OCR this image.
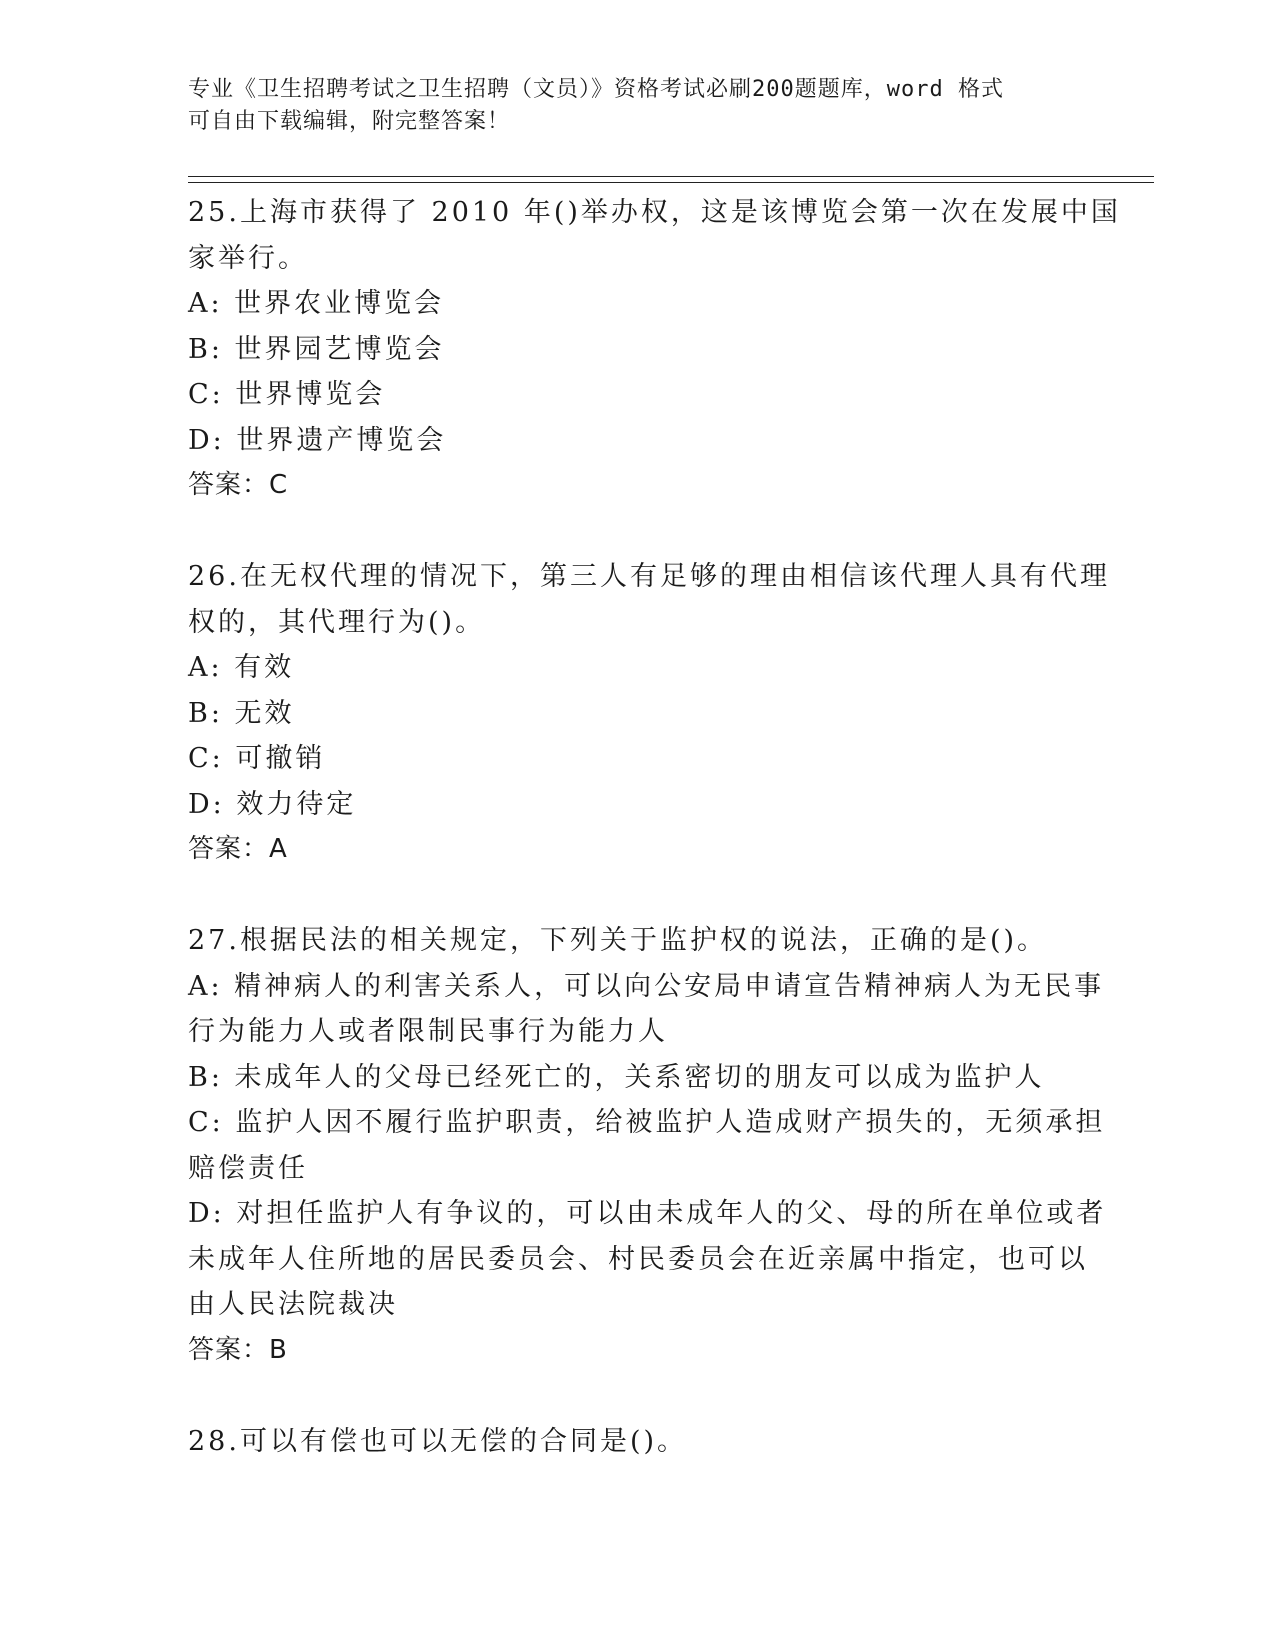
专业《卫生招聘考试之卫生招聘（文员）》资格考试必刷200题题库，word 格式
可自由下载编辑，附完整答案！
25.上海市获得了 2010 年()举办权，这是该博览会第一次在发展中国
家举行。
A: 世界农业博览会
B: 世界园艺博览会
C: 世界博览会
D: 世界遗产博览会
答案：C
26.在无权代理的情况下，第三人有足够的理由相信该代理人具有代理
权的，其代理行为()。
A: 有效
B: 无效
C: 可撤销
D: 效力待定
答案：A
27.根据民法的相关规定，下列关于监护权的说法，正确的是()。
A: 精神病人的利害关系人，可以向公安局申请宣告精神病人为无民事
行为能力人或者限制民事行为能力人
B: 未成年人的父母已经死亡的，关系密切的朋友可以成为监护人
C: 监护人因不履行监护职责，给被监护人造成财产损失的，无须承担
赔偿责任
D: 对担任监护人有争议的，可以由未成年人的父、母的所在单位或者
未成年人住所地的居民委员会、村民委员会在近亲属中指定，也可以
由人民法院裁决
答案：B
28.可以有偿也可以无偿的合同是()。
